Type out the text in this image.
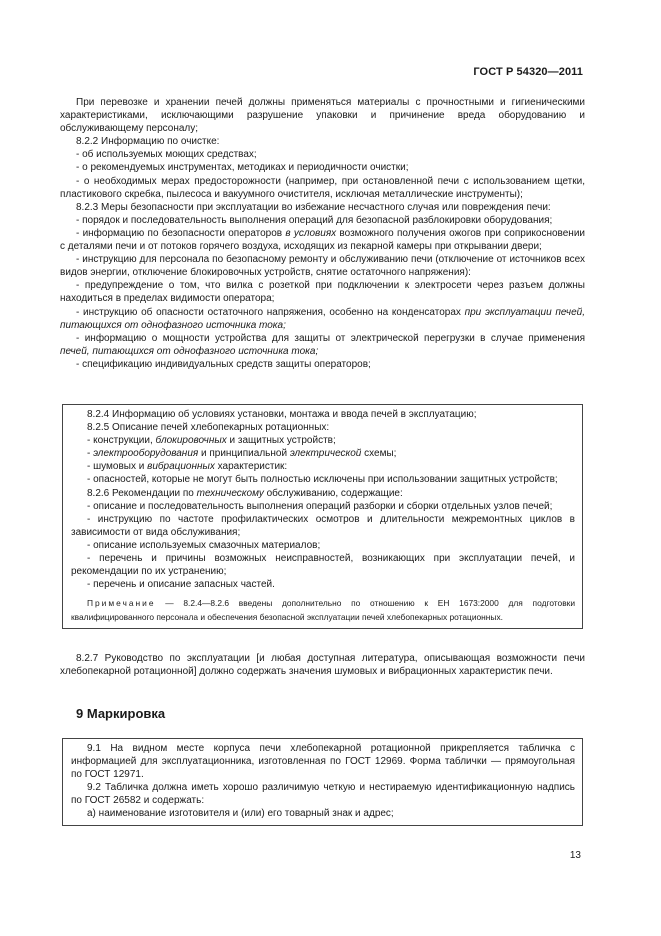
ГОСТ Р 54320—2011

При перевозке и хранении печей должны применяться материалы с прочностными и гигиеническими характеристиками, исключающими разрушение упаковки и причинение вреда оборудованию и обслуживающему персоналу;

8.2.2 Информацию по очистке:

- об используемых моющих средствах;

- о рекомендуемых инструментах, методиках и периодичности очистки;

- о необходимых мерах предосторожности (например, при остановленной печи с использованием щетки, пластикового скребка, пылесоса и вакуумного очистителя, исключая металлические инструменты);

8.2.3 Меры безопасности при эксплуатации во избежание несчастного случая или повреждения печи:

- порядок и последовательность выполнения операций для безопасной разблокировки оборудования;

- информацию по безопасности операторов в условиях возможного получения ожогов при соприкосновении с деталями печи и от потоков горячего воздуха, исходящих из пекарной камеры при открывании двери;

- инструкцию для персонала по безопасному ремонту и обслуживанию печи (отключение от источников всех видов энергии, отключение блокировочных устройств, снятие остаточного напряжения):

- предупреждение о том, что вилка с розеткой при подключении к электросети через разъем должны находиться в пределах видимости оператора;

- инструкцию об опасности остаточного напряжения, особенно на конденсаторах при эксплуатации печей, питающихся от однофазного источника тока;

- информацию о мощности устройства для защиты от электрической перегрузки в случае применения печей, питающихся от однофазного источника тока;

- спецификацию индивидуальных средств защиты операторов;

8.2.4 Информацию об условиях установки, монтажа и ввода печей в эксплуатацию;

8.2.5 Описание печей хлебопекарных ротационных:

- конструкции, блокировочных и защитных устройств;

- электрооборудования и принципиальной электрической схемы;

- шумовых и вибрационных характеристик:

- опасностей, которые не могут быть полностью исключены при использовании защитных устройств;

8.2.6 Рекомендации по техническому обслуживанию, содержащие:

- описание и последовательность выполнения операций разборки и сборки отдельных узлов печей;

- инструкцию по частоте профилактических осмотров и длительности межремонтных циклов в зависимости от вида обслуживания;

- описание используемых смазочных материалов;

- перечень и причины возможных неисправностей, возникающих при эксплуатации печей, и рекомендации по их устранению;

- перечень и описание запасных частей.

Примечание — 8.2.4—8.2.6 введены дополнительно по отношению к ЕН 1673:2000 для подготовки квалифицированного персонала и обеспечения безопасной эксплуатации печей хлебопекарных ротационных.

8.2.7 Руководство по эксплуатации [и любая доступная литература, описывающая возможности печи хлебопекарной ротационной] должно содержать значения шумовых и вибрационных характеристик печи.

9 Маркировка

9.1 На видном месте корпуса печи хлебопекарной ротационной прикрепляется табличка с информацией для эксплуатационника, изготовленная по ГОСТ 12969. Форма таблички — прямоугольная по ГОСТ 12971.

9.2 Табличка должна иметь хорошо различимую четкую и нестираемую идентификационную надпись по ГОСТ 26582 и содержать:

а) наименование изготовителя и (или) его товарный знак и адрес;

13
